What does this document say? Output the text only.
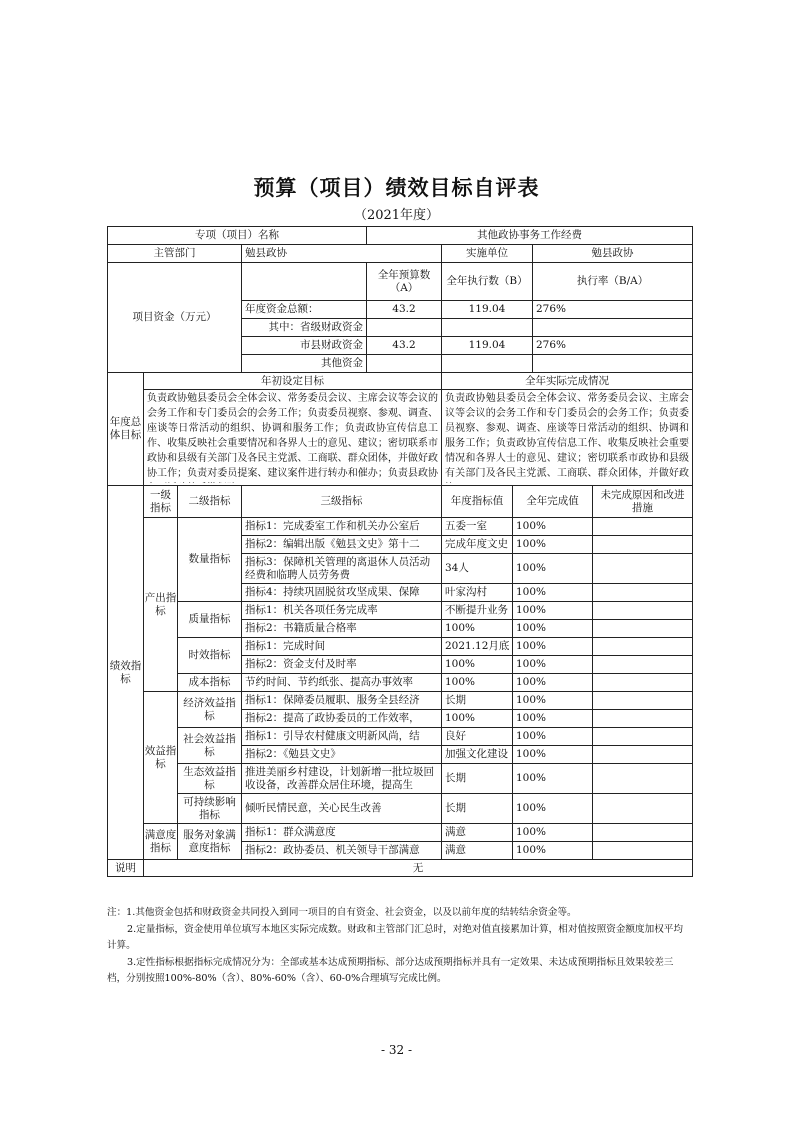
预算（项目）绩效目标自评表
（2021年度）
专项（项目）名称				其他政协事务工作经费				
主管部门			勉县政协		实施单位		勉县政协	
项目资金（万元）				全年预算数（A）	全年执行数（B）		执行率（B/A）	
			年度资金总额：	43.2	119.04		276%	
			其中：省级财政资金					
			市县财政资金	43.2	119.04		276%	
			其他资金					
年度总体目标	年初设定目标				全年实际完成情况			

	负责政协勉县委员会全体会议、常务委员会议、主席会议等会议的会务工作和专门委员会的会务工作；负责委员视察、参观、调查、座谈等日常活动的组织、协调和服务工作；负责政协宣传信息工作、收集反映社会重要情况和各界人士的意见、建议；密切联系市政协和县级有关部门及各民主党派、工商联、群众团体，并做好政协工作；负责对委员提案、建议案件进行转办和催办；负责县政协				负责政协勉县委员会全体会议、常务委员会议、主席会议等会议的会务工作和专门委员会的会务工作；负责委员视察、参观、调查、座谈等日常活动的组织、协调和服务工作；负责政协宣传信息工作、收集反映社会重要情况和各界人士的意见、建议；密切联系市政协和县级有关部门及各民主党派、工商联、群众团体，并做好政			

绩效指标	一级指标	二级指标	三级指标		年度指标值	全年完成值		未完成原因和改进措施
	产出指标	数量指标	指标1：完成委室工作和机关办公室后		五委一室	100%		
			指标2：编辑出版《勉县文史》第十二		完成年度文史	100%		
			指标3：保障机关管理的离退休人员活动经费和临聘人员劳务费		34人	100%		
			指标4：持续巩固脱贫攻坚成果、保障		叶家沟村	100%		
		质量指标	指标1：机关各项任务完成率		不断提升业务	100%		
			指标2：书籍质量合格率		100%	100%		
		时效指标	指标1：完成时间		2021.12月底	100%		
			指标2：资金支付及时率		100%	100%		
		成本指标	节约时间、节约纸张、提高办事效率		100%	100%		
	效益指标	经济效益指标	指标1：保障委员履职、服务全县经济		长期	100%		
			指标2：提高了政协委员的工作效率，		100%	100%		
		社会效益指标	指标1：引导农村健康文明新风尚，结		良好	100%		
			指标2：《勉县文史》		加强文化建设	100%		
		生态效益指标	推进美丽乡村建设，计划新增一批垃圾回收设备，改善群众居住环境，提高生		长期	100%		
		可持续影响指标	倾听民情民意，关心民生改善		长期	100%		
	满意度指标	服务对象满意度指标	指标1：群众满意度		满意	100%		
			指标2：政协委员、机关领导干部满意		满意	100%		
说明	无							

注：1.其他资金包括和财政资金共同投入到同一项目的自有资金、社会资金，以及以前年度的结转结余资金等。

2.定量指标，资金使用单位填写本地区实际完成数。财政和主管部门汇总时，对绝对值直接累加计算，相对值按照资金额度加权平均计算。

3.定性指标根据指标完成情况分为：全部或基本达成预期指标、部分达成预期指标并具有一定效果、未达成预期指标且效果较差三档，分别按照100%-80%（含）、80%-60%（含）、60-0%合理填写完成比例。

- 32 -
